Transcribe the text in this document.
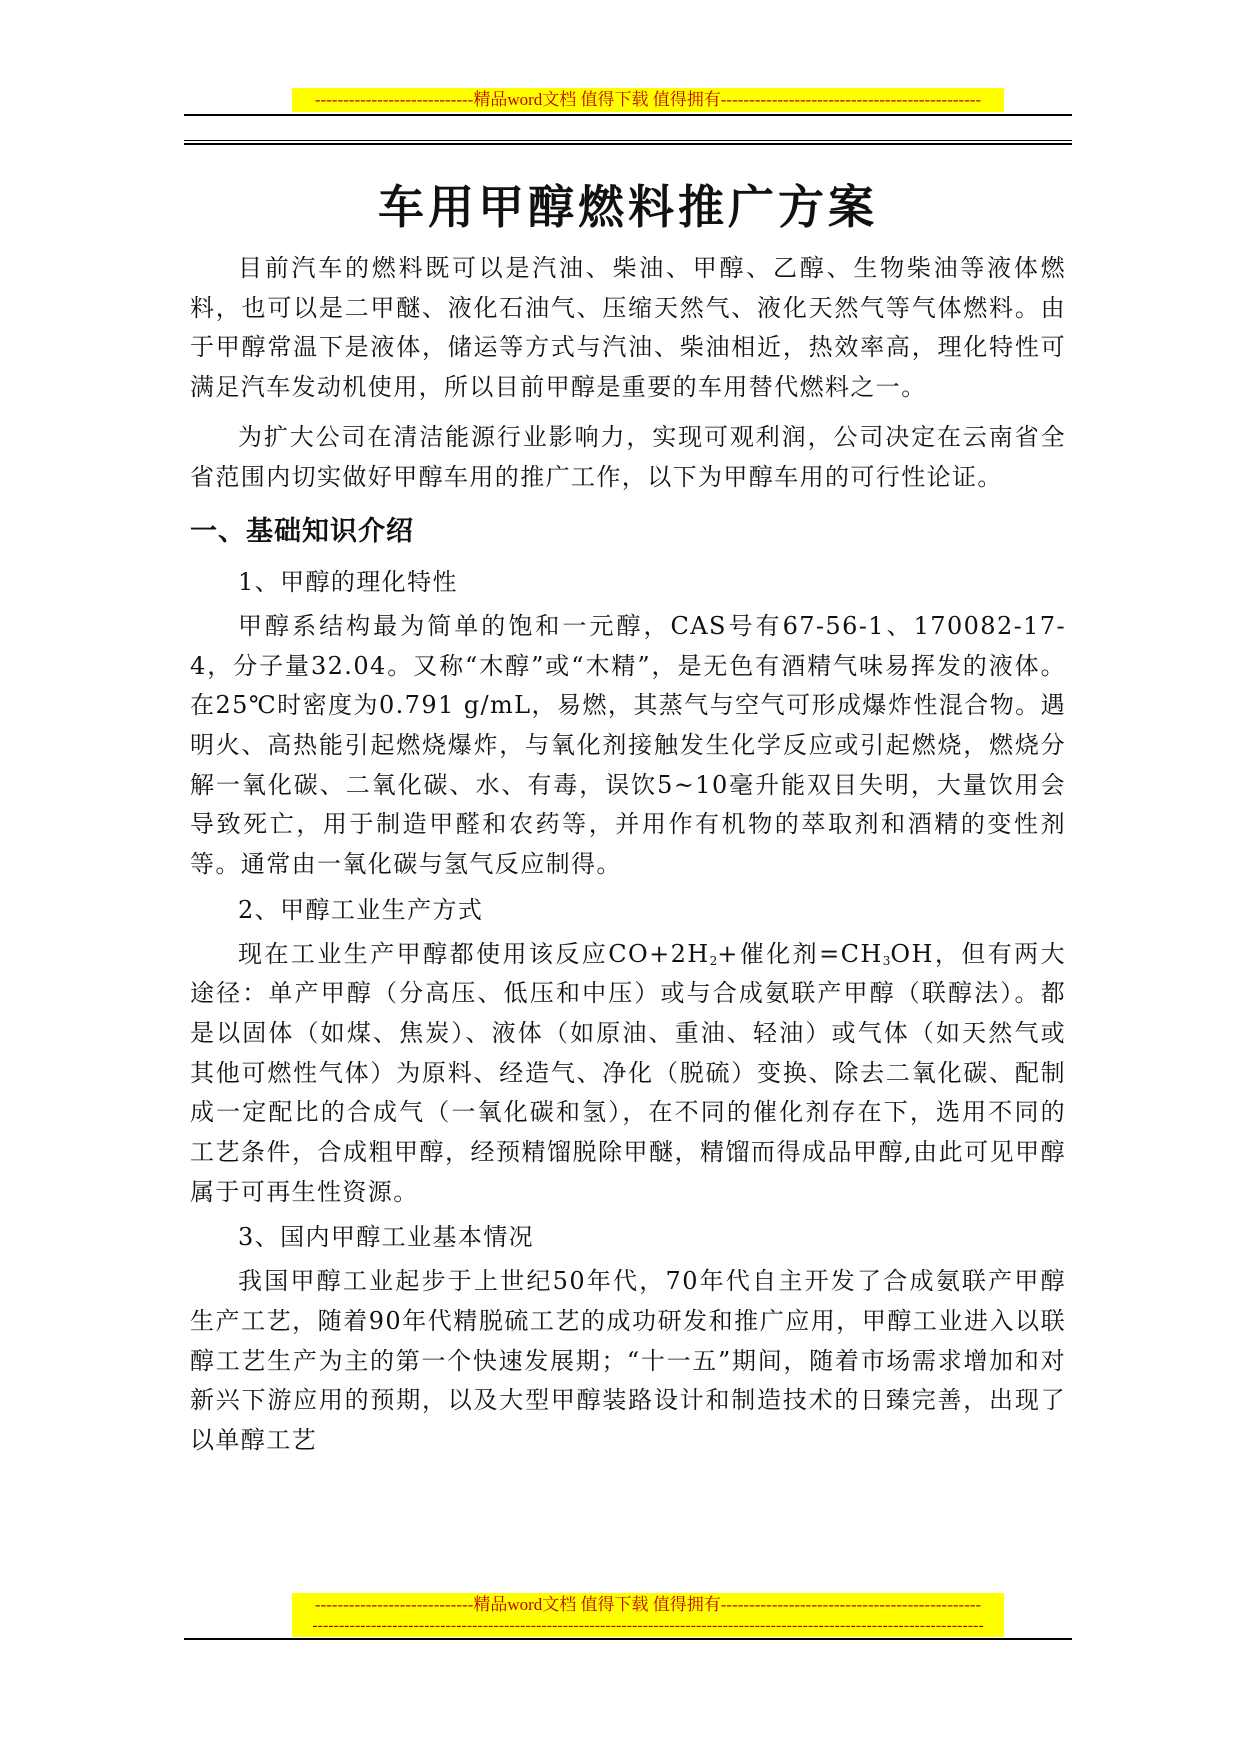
----------------------------精品word文档 值得下载 值得拥有----------------------------------------------
车用甲醇燃料推广方案

目前汽车的燃料既可以是汽油、柴油、甲醇、乙醇、生物柴油等液体燃料，也可以是二甲醚、液化石油气、压缩天然气、液化天然气等气体燃料。由于甲醇常温下是液体，储运等方式与汽油、柴油相近，热效率高，理化特性可满足汽车发动机使用，所以目前甲醇是重要的车用替代燃料之一。

为扩大公司在清洁能源行业影响力，实现可观利润，公司决定在云南省全省范围内切实做好甲醇车用的推广工作，以下为甲醇车用的可行性论证。

一、基础知识介绍

1、甲醇的理化特性

甲醇系结构最为简单的饱和一元醇，CAS号有67-56-1、170082-17-4，分子量32.04。又称“木醇”或“木精”，是无色有酒精气味易挥发的液体。在25℃时密度为0.791 g/mL，易燃，其蒸气与空气可形成爆炸性混合物。遇明火、高热能引起燃烧爆炸，与氧化剂接触发生化学反应或引起燃烧，燃烧分解一氧化碳、二氧化碳、水、有毒，误饮5~10毫升能双目失明，大量饮用会导致死亡，用于制造甲醛和农药等，并用作有机物的萃取剂和酒精的变性剂等。通常由一氧化碳与氢气反应制得。

2、甲醇工业生产方式

现在工业生产甲醇都使用该反应$CO+2H_2+$催化剂$=CH_3OH$，但有两大途径：单产甲醇（分高压、低压和中压）或与合成氨联产甲醇（联醇法）。都是以固体（如煤、焦炭）、液体（如原油、重油、轻油）或气体（如天然气或其他可燃性气体）为原料、经造气、净化（脱硫）变换、除去二氧化碳、配制成一定配比的合成气（一氧化碳和氢），在不同的催化剂存在下，选用不同的工艺条件，合成粗甲醇，经预精馏脱除甲醚，精馏而得成品甲醇,由此可见甲醇属于可再生性资源。

3、国内甲醇工业基本情况

我国甲醇工业起步于上世纪50年代，70年代自主开发了合成氨联产甲醇生产工艺，随着90年代精脱硫工艺的成功研发和推广应用，甲醇工业进入以联醇工艺生产为主的第一个快速发展期；“十一五”期间，随着市场需求增加和对新兴下游应用的预期，以及大型甲醇装路设计和制造技术的日臻完善，出现了以单醇工艺

----------------------------精品word文档 值得下载 值得拥有----------------------------------------------
------------------------------------------------------------------------------------------------------------------------------
